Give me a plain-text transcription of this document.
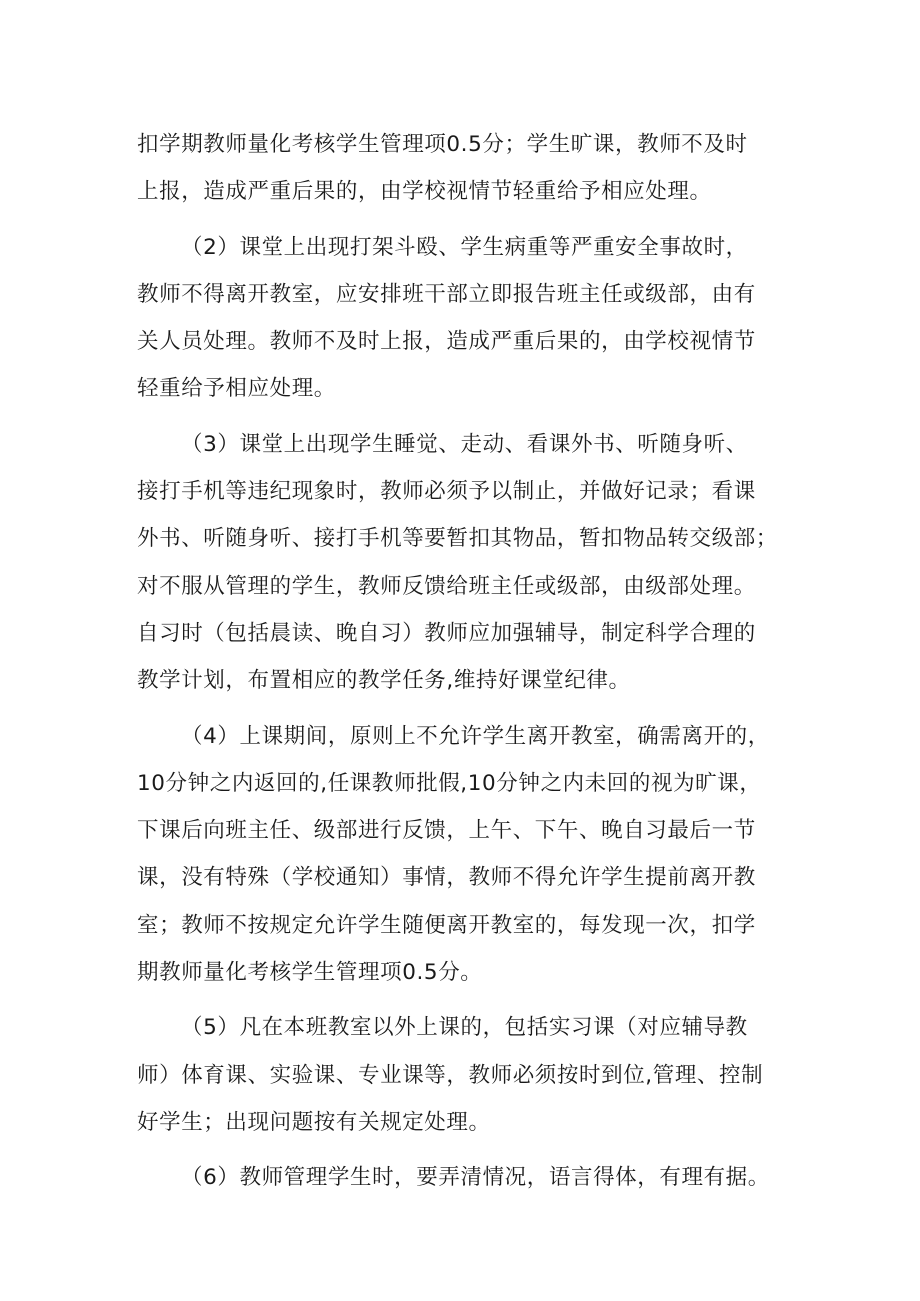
扣学期教师量化考核学生管理项0.5分；学生旷课，教师不及时
上报，造成严重后果的，由学校视情节轻重给予相应处理。
（2）课堂上出现打架斗殴、学生病重等严重安全事故时，
教师不得离开教室，应安排班干部立即报告班主任或级部，由有
关人员处理。教师不及时上报，造成严重后果的，由学校视情节
轻重给予相应处理。
（3）课堂上出现学生睡觉、走动、看课外书、听随身听、
接打手机等违纪现象时，教师必须予以制止，并做好记录；看课
外书、听随身听、接打手机等要暂扣其物品，暂扣物品转交级部；
对不服从管理的学生，教师反馈给班主任或级部，由级部处理。
自习时（包括晨读、晚自习）教师应加强辅导，制定科学合理的
教学计划，布置相应的教学任务,维持好课堂纪律。
（4）上课期间，原则上不允许学生离开教室，确需离开的，
10分钟之内返回的,任课教师批假,10分钟之内未回的视为旷课，
下课后向班主任、级部进行反馈，上午、下午、晚自习最后一节
课，没有特殊（学校通知）事情，教师不得允许学生提前离开教
室；教师不按规定允许学生随便离开教室的，每发现一次，扣学
期教师量化考核学生管理项0.5分。
（5）凡在本班教室以外上课的，包括实习课（对应辅导教
师）体育课、实验课、专业课等，教师必须按时到位,管理、控制
好学生；出现问题按有关规定处理。
（6）教师管理学生时，要弄清情况，语言得体，有理有据。
